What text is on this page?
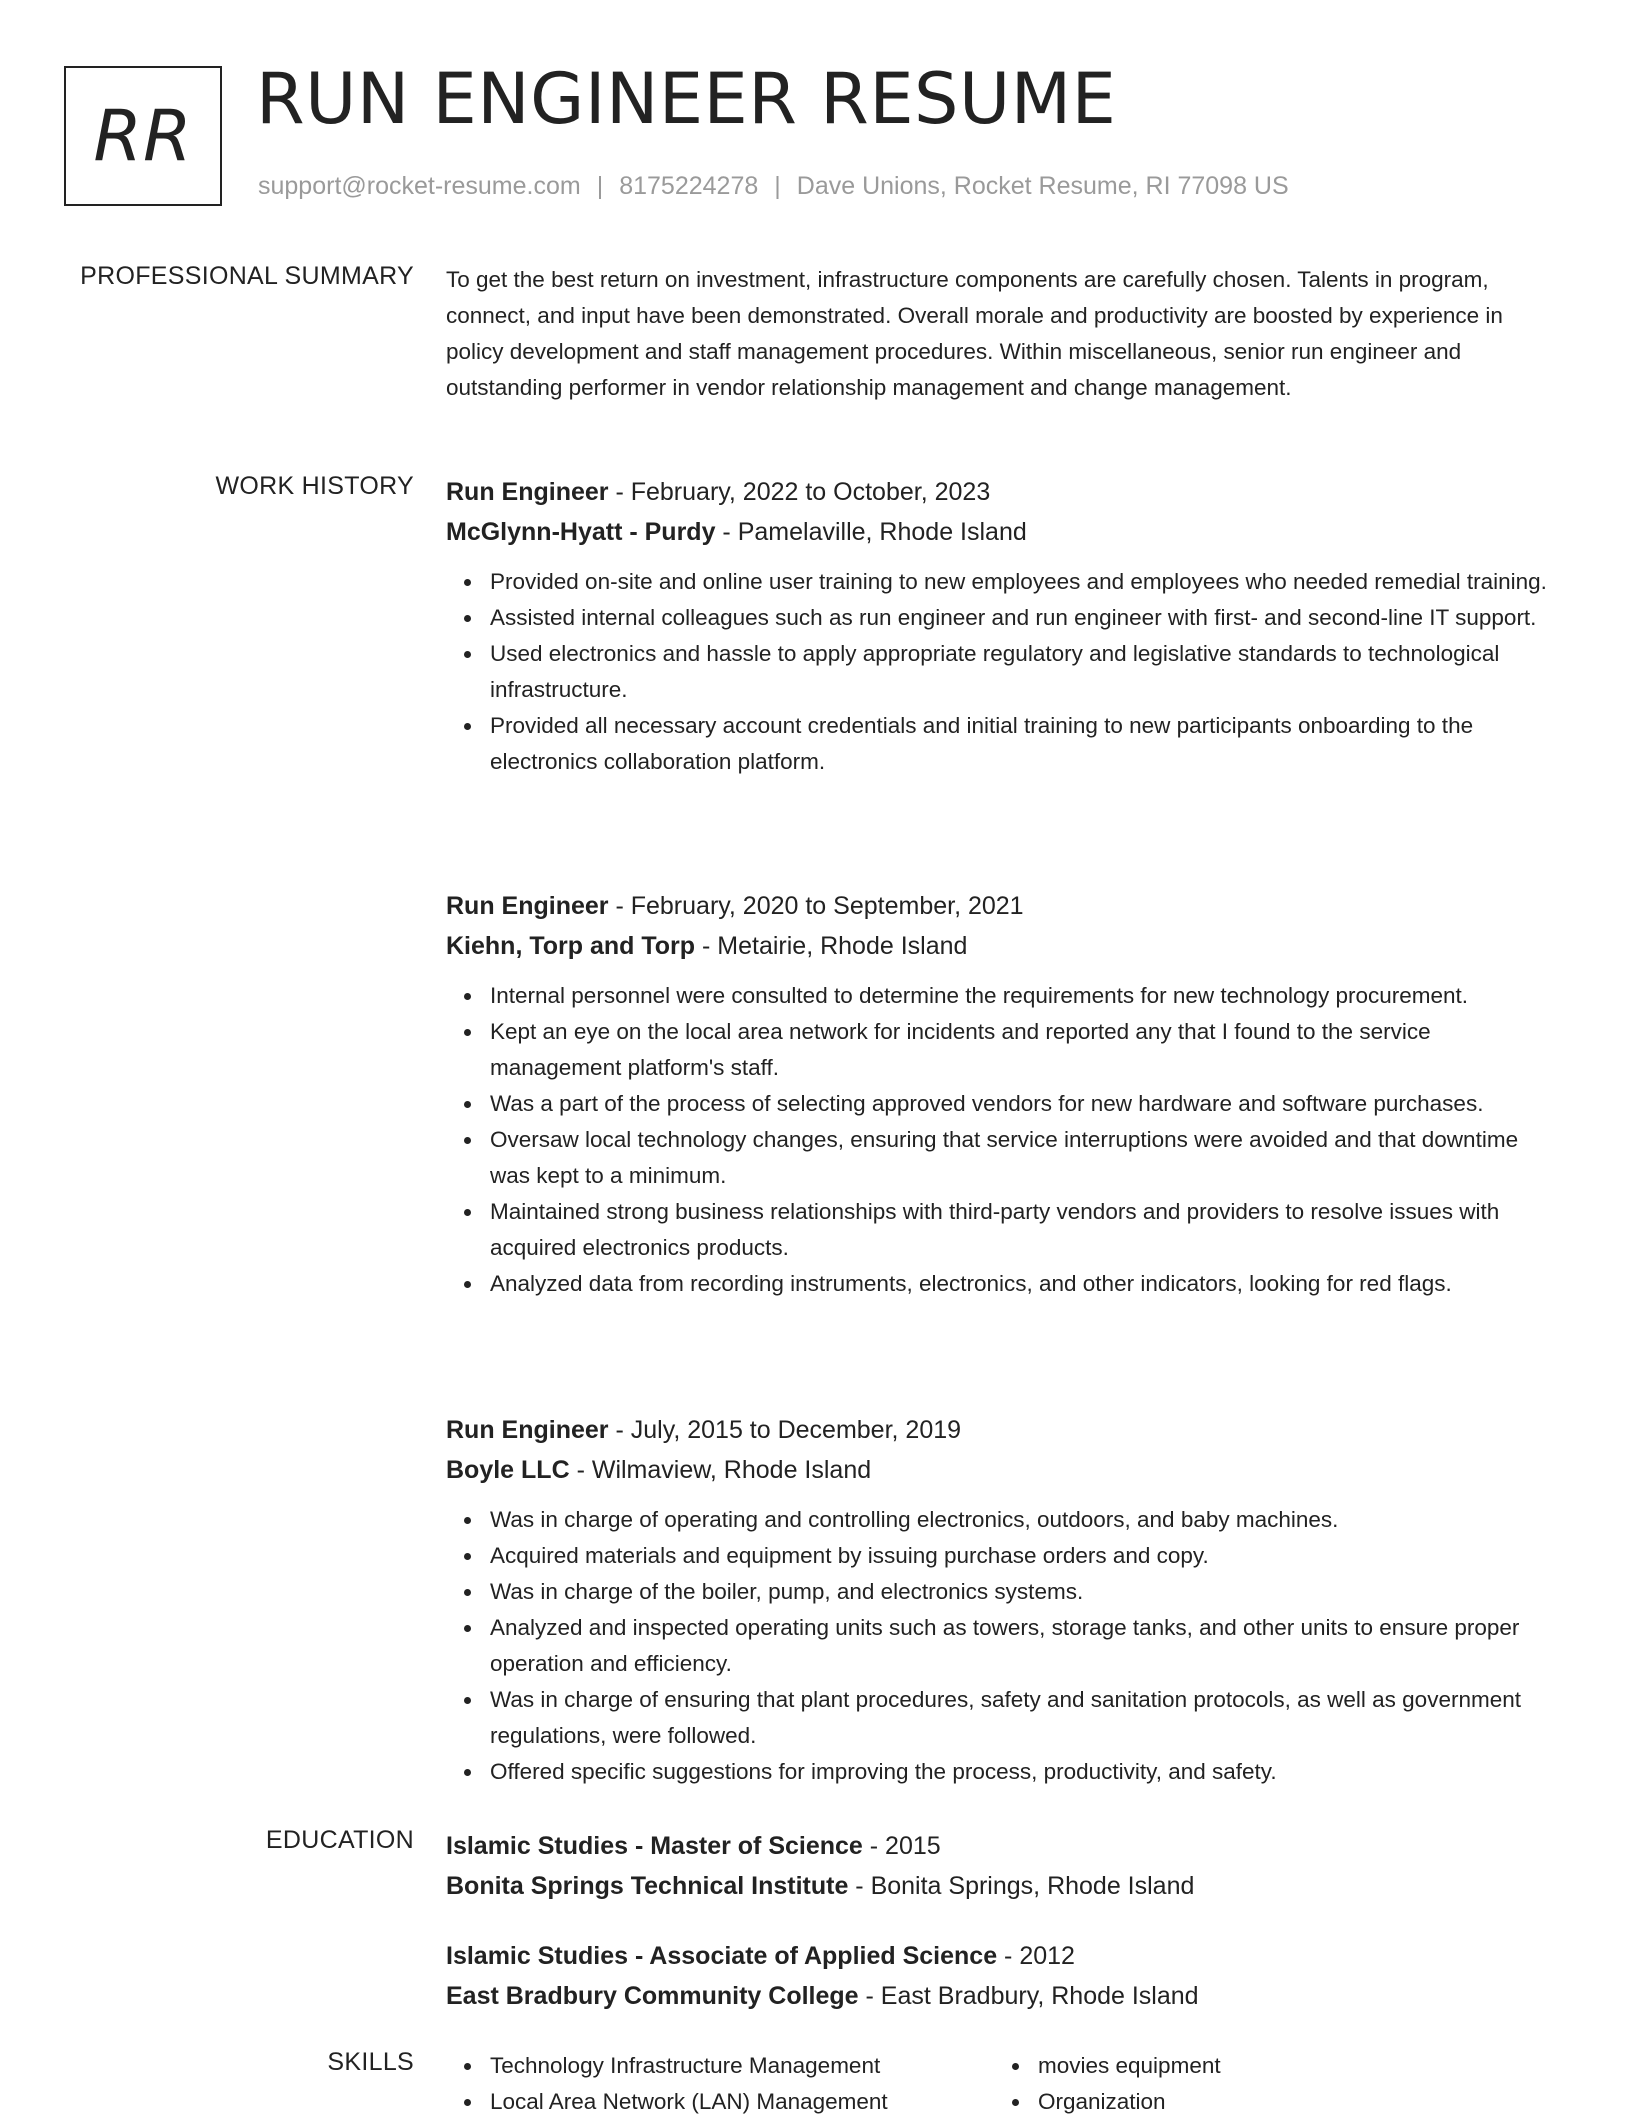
RR RUN ENGINEER RESUME
support@rocket-resume.com | 8175224278 | Dave Unions, Rocket Resume, RI 77098 US
PROFESSIONAL SUMMARY To get the best return on investment, infrastructure components are carefully chosen. Talents in program, connect, and input have been demonstrated. Overall morale and productivity are boosted by experience in policy development and staff management procedures. Within miscellaneous, senior run engineer and outstanding performer in vendor relationship management and change management.

WORK HISTORY Run Engineer - February, 2022 to October, 2023
McGlynn-Hyatt - Purdy - Pamelaville, Rhode Island
Provided on-site and online user training to new employees and employees who needed remedial training.
Assisted internal colleagues such as run engineer and run engineer with first- and second-line IT support.
Used electronics and hassle to apply appropriate regulatory and legislative standards to technological infrastructure.
Provided all necessary account credentials and initial training to new participants onboarding to the electronics collaboration platform.
Run Engineer - February, 2020 to September, 2021
Kiehn, Torp and Torp - Metairie, Rhode Island
Internal personnel were consulted to determine the requirements for new technology procurement.
Kept an eye on the local area network for incidents and reported any that I found to the service management platform's staff.
Was a part of the process of selecting approved vendors for new hardware and software purchases.
Oversaw local technology changes, ensuring that service interruptions were avoided and that downtime was kept to a minimum.
Maintained strong business relationships with third-party vendors and providers to resolve issues with acquired electronics products.
Analyzed data from recording instruments, electronics, and other indicators, looking for red flags.
Run Engineer - July, 2015 to December, 2019
Boyle LLC - Wilmaview, Rhode Island
Was in charge of operating and controlling electronics, outdoors, and baby machines.
Acquired materials and equipment by issuing purchase orders and copy.
Was in charge of the boiler, pump, and electronics systems.
Analyzed and inspected operating units such as towers, storage tanks, and other units to ensure proper operation and efficiency.
Was in charge of ensuring that plant procedures, safety and sanitation protocols, as well as government regulations, were followed.
Offered specific suggestions for improving the process, productivity, and safety.
EDUCATION Islamic Studies - Master of Science - 2015
Bonita Springs Technical Institute - Bonita Springs, Rhode Island
Islamic Studies - Associate of Applied Science - 2012
East Bradbury Community College - East Bradbury, Rhode Island
SKILLS	Technology Infrastructure Management
Local Area Network (LAN) Management
movies equipment
Organization
